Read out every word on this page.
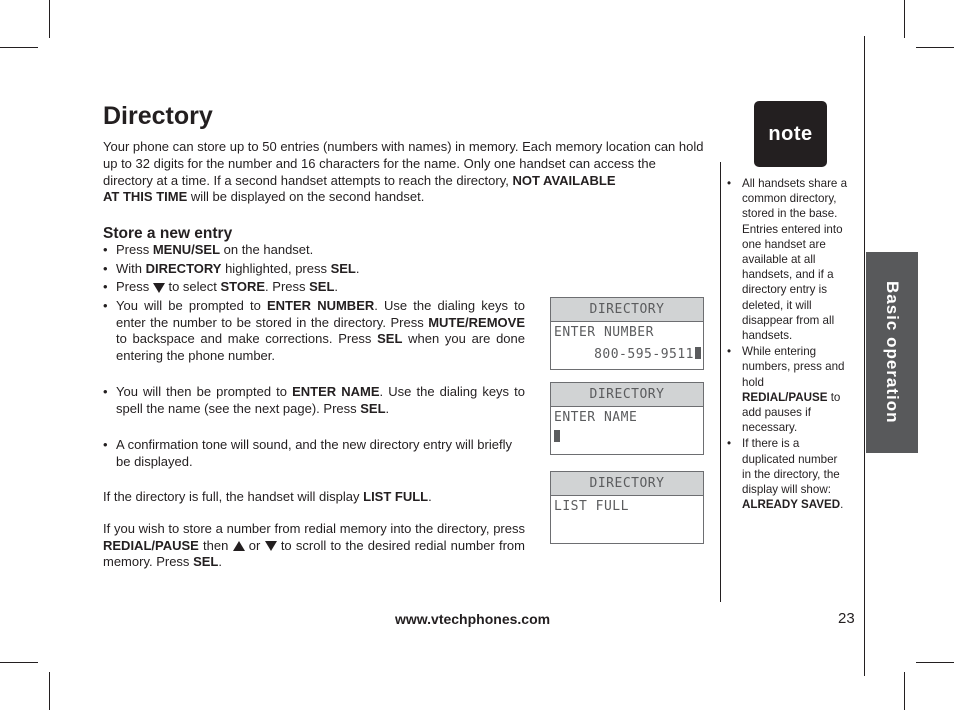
Directory

Your phone can store up to 50 entries (numbers with names) in memory. Each memory location can hold up to 32 digits for the number and 16 characters for the name. Only one handset can access the directory at a time. If a second handset attempts to reach the directory, NOT AVAILABLE
AT THIS TIME will be displayed on the second handset.

Store a new entry
• Press MENU/SEL on the handset.
• With DIRECTORY highlighted, press SEL.
• Press  to select STORE. Press SEL.
• You will be prompted to ENTER NUMBER. Use the dialing keys to enter the number to be stored in the directory. Press MUTE/REMOVE to backspace and make corrections. Press SEL when you are done entering the phone number.
• You will then be prompted to ENTER NAME. Use the dialing keys to spell the name (see the next page). Press SEL.
• A confirmation tone will sound, and the new directory entry will briefly be displayed.

If the directory is full, the handset will display LIST FULL.

If you wish to store a number from redial memory into the directory, press REDIAL/PAUSE then  or  to scroll to the desired redial number from memory. Press SEL.

DIRECTORY
ENTER NUMBER
800-595-9511
DIRECTORY
ENTER NAME
DIRECTORY
LIST FULL
note

• All handsets share a common directory, stored in the base. Entries entered into one handset are available at all handsets, and if a directory entry is deleted, it will disappear from all handsets.

• While entering numbers, press and hold REDIAL/PAUSE to add pauses if necessary.

• If there is a duplicated number in the directory, the display will show: ALREADY SAVED.

Basic operation
www.vtechphones.com	23
